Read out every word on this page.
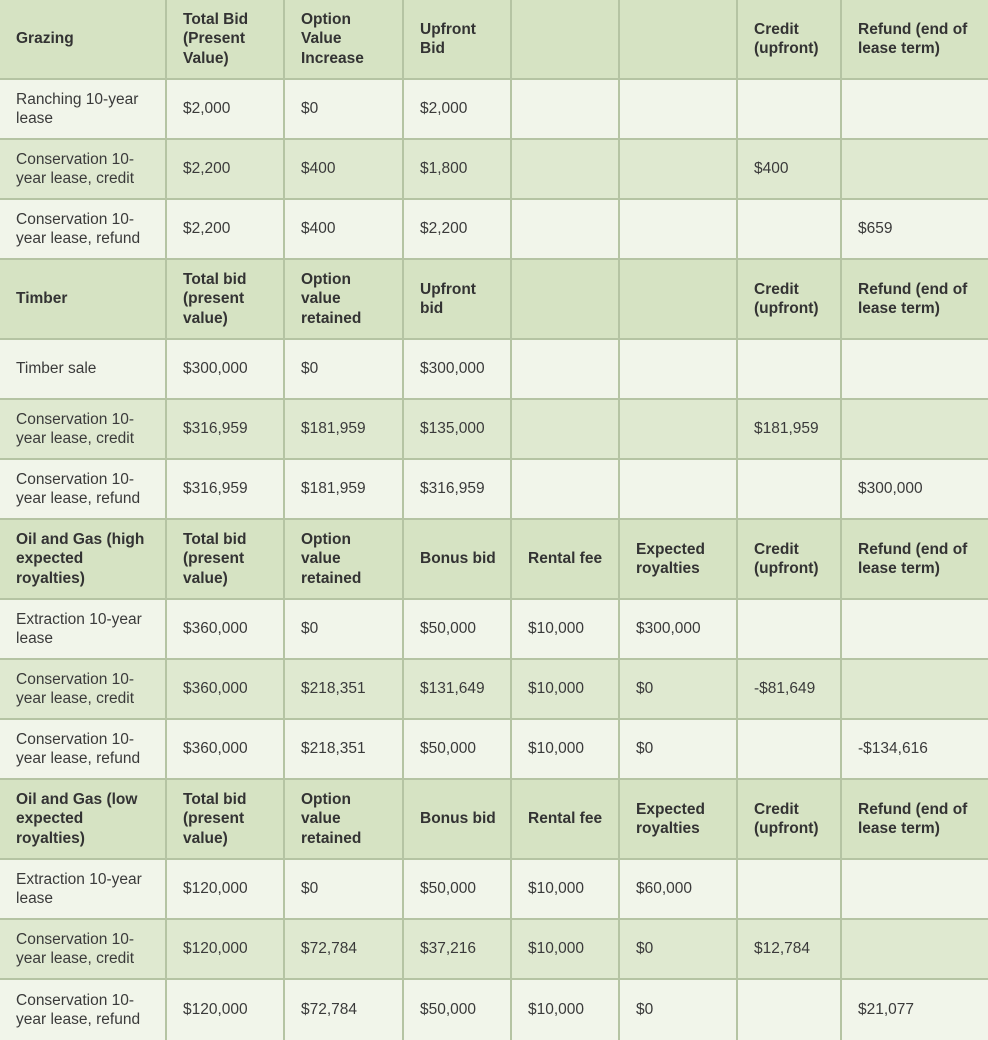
Grazing	Total Bid (Present Value)	Option Value Increase	Upfront Bid			Credit (upfront)	Refund (end of lease term)
Ranching 10-year lease	$2,000	$0	$2,000				
Conservation 10-year lease, credit	$2,200	$400	$1,800			$400	
Conservation 10-year lease, refund	$2,200	$400	$2,200				$659
Timber	Total bid (present value)	Option value retained	Upfront bid			Credit (upfront)	Refund (end of lease term)
Timber sale	$300,000	$0	$300,000				
Conservation 10-year lease, credit	$316,959	$181,959	$135,000			$181,959	
Conservation 10-year lease, refund	$316,959	$181,959	$316,959				$300,000
Oil and Gas (high expected royalties)	Total bid (present value)	Option value retained	Bonus bid	Rental fee	Expected royalties	Credit (upfront)	Refund (end of lease term)
Extraction 10-year lease	$360,000	$0	$50,000	$10,000	$300,000		
Conservation 10-year lease, credit	$360,000	$218,351	$131,649	$10,000	$0	-$81,649	
Conservation 10-year lease, refund	$360,000	$218,351	$50,000	$10,000	$0		-$134,616
Oil and Gas (low expected royalties)	Total bid (present value)	Option value retained	Bonus bid	Rental fee	Expected royalties	Credit (upfront)	Refund (end of lease term)
Extraction 10-year lease	$120,000	$0	$50,000	$10,000	$60,000		
Conservation 10-year lease, credit	$120,000	$72,784	$37,216	$10,000	$0	$12,784	
Conservation 10-year lease, refund	$120,000	$72,784	$50,000	$10,000	$0		$21,077
